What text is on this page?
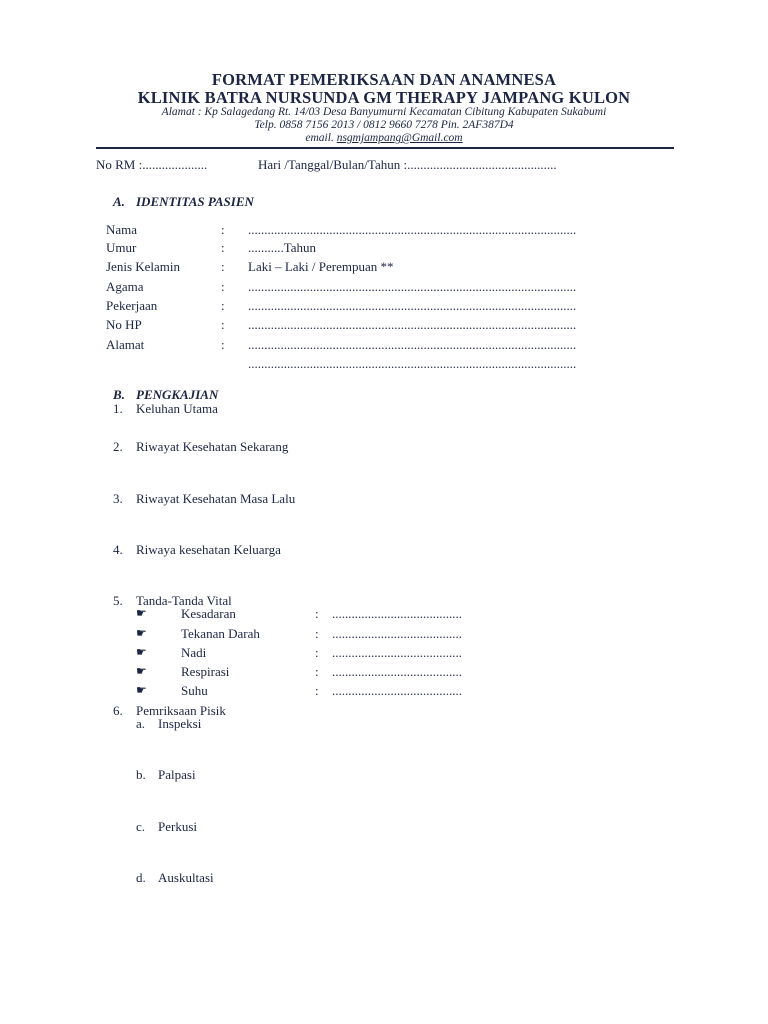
FORMAT PEMERIKSAAN DAN ANAMNESA
KLINIK BATRA NURSUNDA GM THERAPY JAMPANG KULON
Alamat : Kp Salagedang Rt. 14/03 Desa Banyumurni Kecamatan Cibitung Kabupaten Sukabumi
Telp. 0858 7156 2013 / 0812 9660 7278 Pin. 2AF387D4
email. nsgmjampang@Gmail.com
No RM :....................	Hari /Tanggal/Bulan/Tahun :..............................................
A. IDENTITAS PASIEN
Nama	: .....................................................................................................
Umur	: ...........Tahun
Jenis Kelamin	: Laki – Laki / Perempuan **
Agama	: .....................................................................................................
Pekerjaan	: .....................................................................................................
No HP	: .....................................................................................................
Alamat	: .....................................................................................................
.....................................................................................................
B. PENGKAJIAN
1. Keluhan Utama
2. Riwayat Kesehatan Sekarang
3. Riwayat Kesehatan Masa Lalu
4. Riwaya kesehatan Keluarga
5. Tanda-Tanda Vital
☛	Kesadaran	: ........................................
☛	Tekanan Darah	: ........................................
☛	Nadi	: ........................................
☛	Respirasi	: ........................................
☛	Suhu	: ........................................
6. Pemriksaan Pisik
a. Inspeksi
b. Palpasi
c. Perkusi
d. Auskultasi
